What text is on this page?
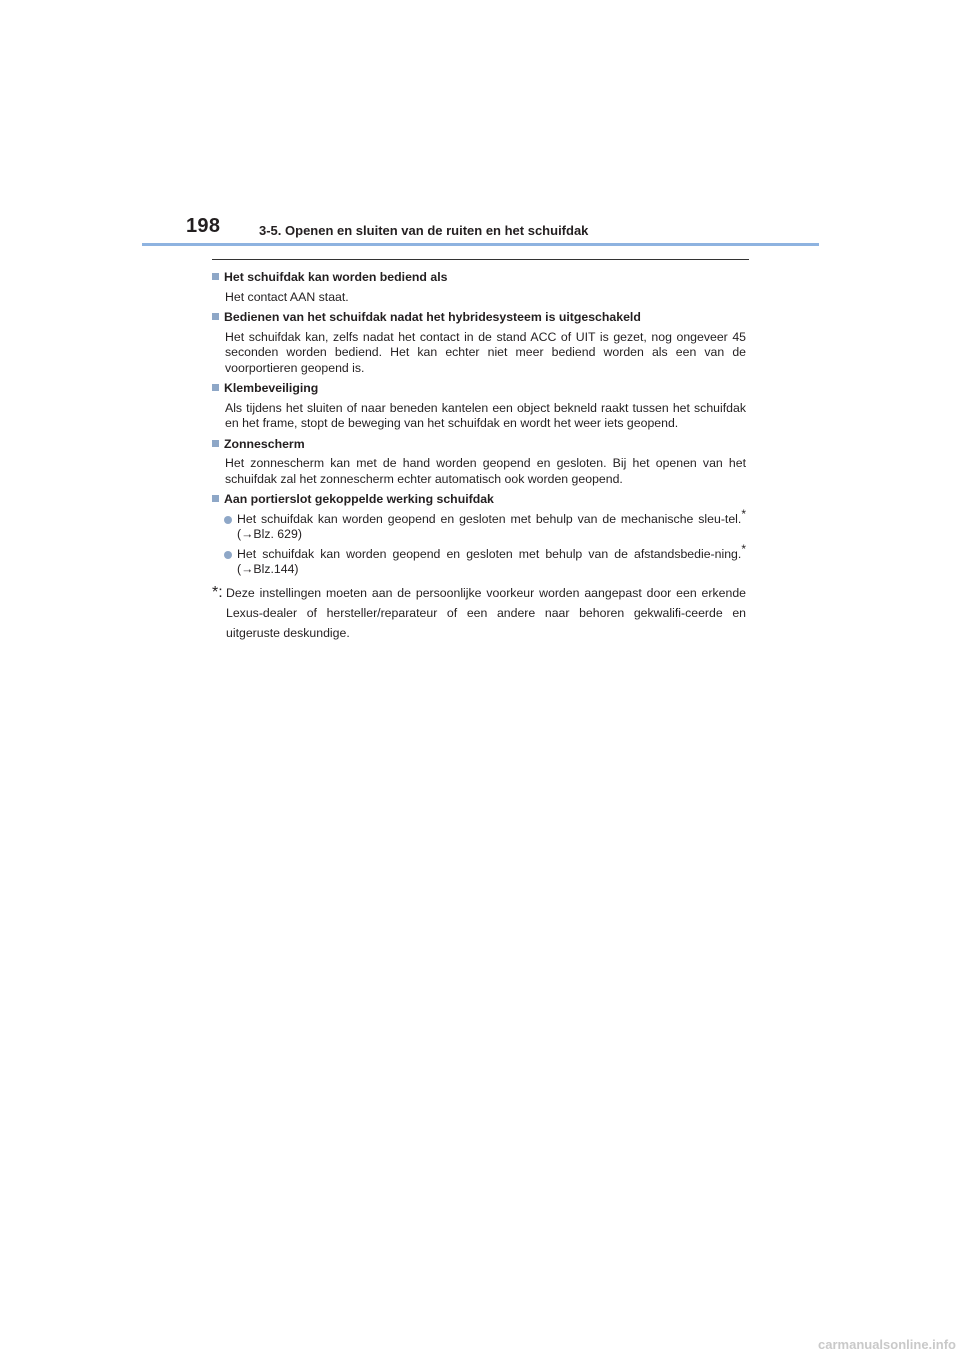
198	3-5. Openen en sluiten van de ruiten en het schuifdak
Het schuifdak kan worden bediend als
Het contact AAN staat.
Bedienen van het schuifdak nadat het hybridesysteem is uitgeschakeld
Het schuifdak kan, zelfs nadat het contact in de stand ACC of UIT is gezet, nog ongeveer 45 seconden worden bediend. Het kan echter niet meer bediend worden als een van de voorportieren geopend is.
Klembeveiliging
Als tijdens het sluiten of naar beneden kantelen een object bekneld raakt tussen het schuifdak en het frame, stopt de beweging van het schuifdak en wordt het weer iets geopend.
Zonnescherm
Het zonnescherm kan met de hand worden geopend en gesloten. Bij het openen van het schuifdak zal het zonnescherm echter automatisch ook worden geopend.
Aan portierslot gekoppelde werking schuifdak
Het schuifdak kan worden geopend en gesloten met behulp van de mechanische sleu-tel.* (→Blz. 629)
Het schuifdak kan worden geopend en gesloten met behulp van de afstandsbedie-ning.* (→Blz.144)
*: Deze instellingen moeten aan de persoonlijke voorkeur worden aangepast door een erkende Lexus-dealer of hersteller/reparateur of een andere naar behoren gekwalifi-ceerde en uitgeruste deskundige.
carmanualsonline.info
